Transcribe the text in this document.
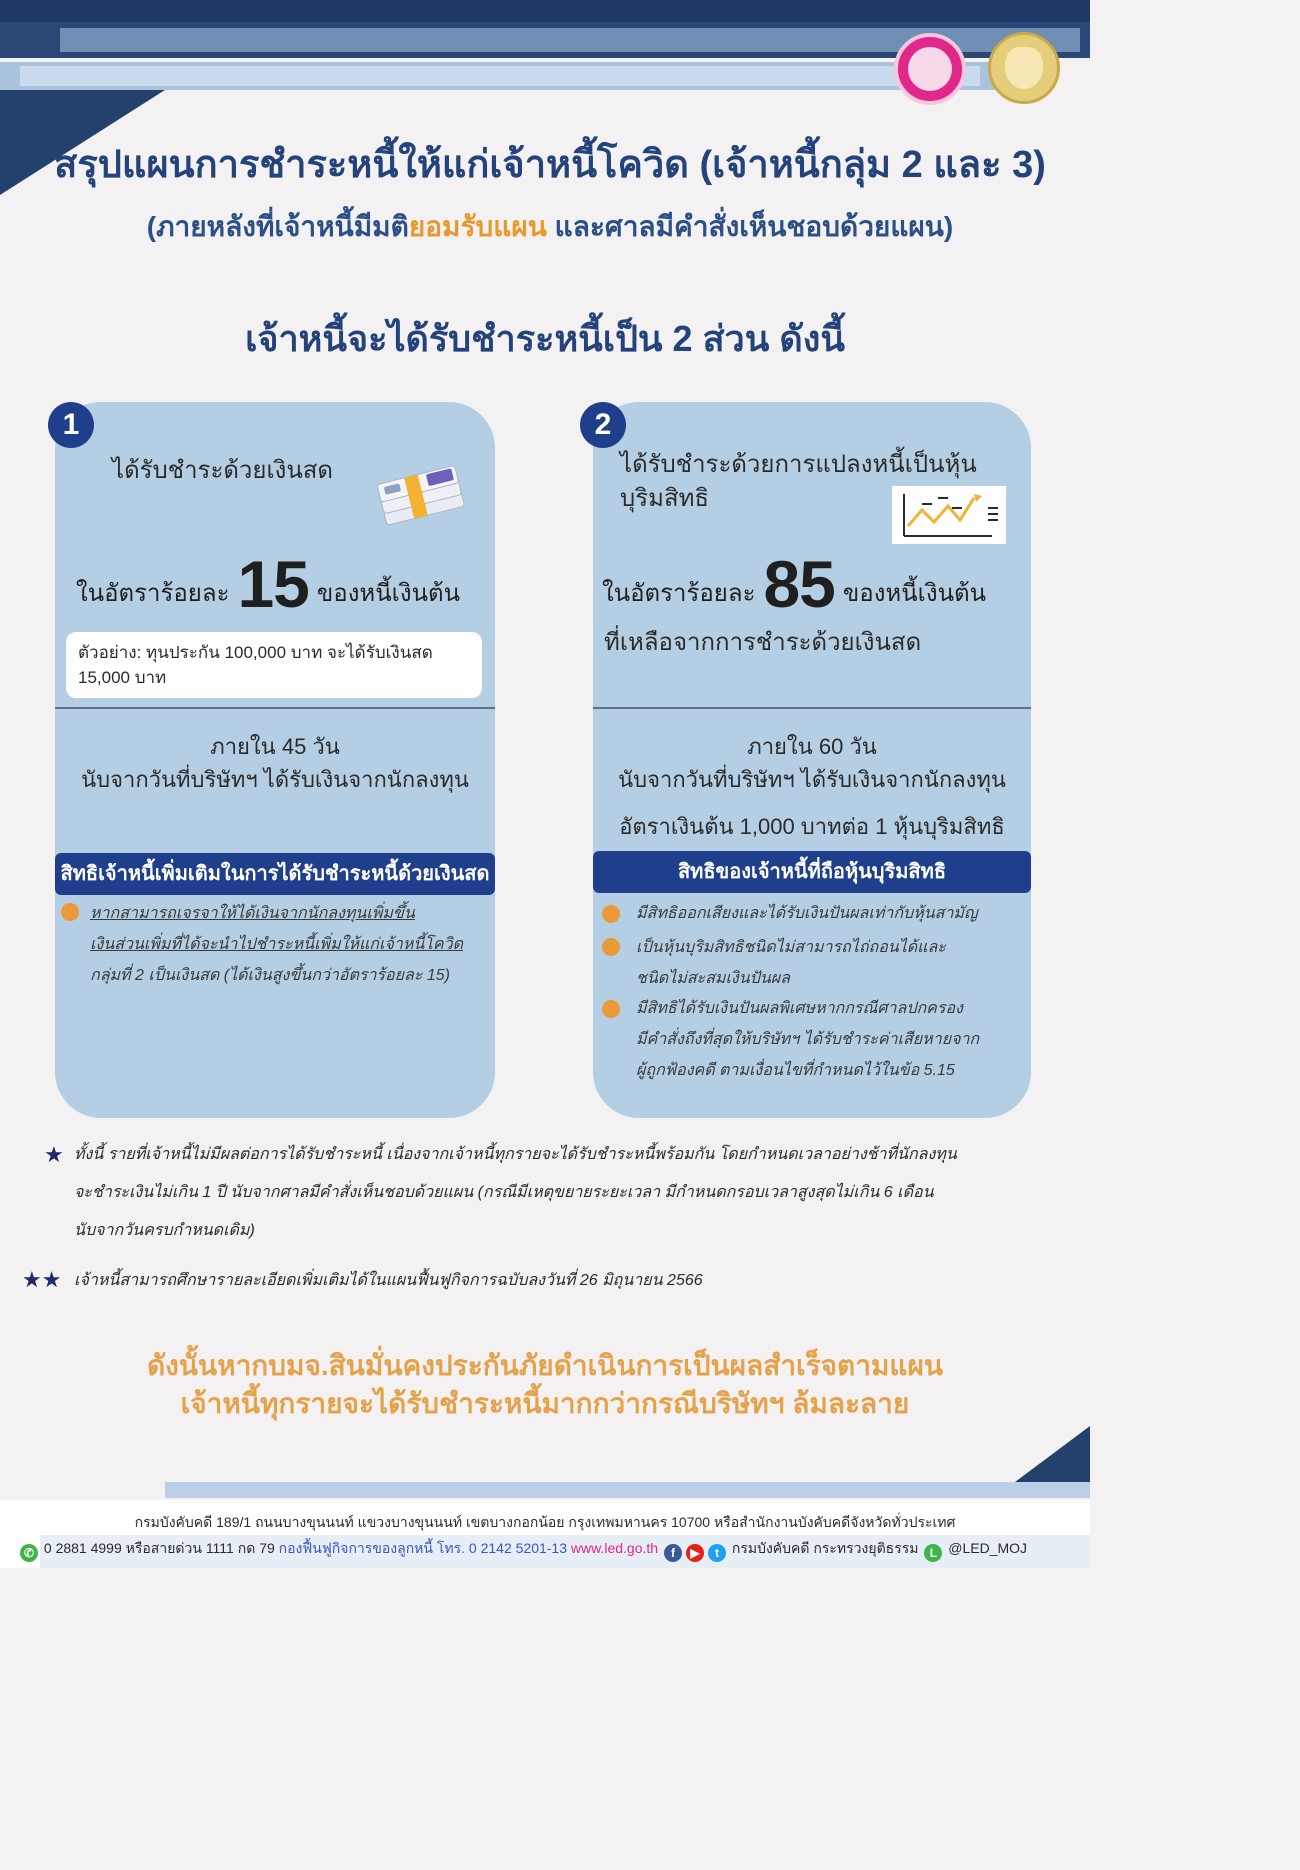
สรุปแผนการชำระหนี้ให้แก่เจ้าหนี้โควิด (เจ้าหนี้กลุ่ม 2 และ 3)
(ภายหลังที่เจ้าหนี้มีมติยอมรับแผน และศาลมีคำสั่งเห็นชอบด้วยแผน)
เจ้าหนี้จะได้รับชำระหนี้เป็น 2 ส่วน ดังนี้
1
ได้รับชำระด้วยเงินสด
ในอัตราร้อยละ 15 ของหนี้เงินต้น
ตัวอย่าง: ทุนประกัน 100,000 บาท จะได้รับเงินสด 15,000 บาท
ภายใน 45 วัน
นับจากวันที่บริษัทฯ ได้รับเงินจากนักลงทุน
สิทธิเจ้าหนี้เพิ่มเติมในการได้รับชำระหนี้ด้วยเงินสด
หากสามารถเจรจาให้ได้เงินจากนักลงทุนเพิ่มขึ้น
เงินส่วนเพิ่มที่ได้จะนำไปชำระหนี้เพิ่มให้แก่เจ้าหนี้โควิด
กลุ่มที่ 2 เป็นเงินสด (ได้เงินสูงขึ้นกว่าอัตราร้อยละ 15)
2
ได้รับชำระด้วยการแปลงหนี้เป็นหุ้นบุริมสิทธิ
ในอัตราร้อยละ 85 ของหนี้เงินต้น
ที่เหลือจากการชำระด้วยเงินสด
ภายใน 60 วัน
นับจากวันที่บริษัทฯ ได้รับเงินจากนักลงทุน
อัตราเงินต้น 1,000 บาทต่อ 1 หุ้นบุริมสิทธิ
สิทธิของเจ้าหนี้ที่ถือหุ้นบุริมสิทธิ
มีสิทธิออกเสียงและได้รับเงินปันผลเท่ากับหุ้นสามัญ
เป็นหุ้นบุริมสิทธิชนิดไม่สามารถไถ่ถอนได้และ
ชนิดไม่สะสมเงินปันผล
มีสิทธิได้รับเงินปันผลพิเศษหากกรณีศาลปกครอง
มีคำสั่งถึงที่สุดให้บริษัทฯ ได้รับชำระค่าเสียหายจาก
ผู้ถูกฟ้องคดี ตามเงื่อนไขที่กำหนดไว้ในข้อ 5.15
★ ทั้งนี้ รายที่เจ้าหนี้ไม่มีผลต่อการได้รับชำระหนี้ เนื่องจากเจ้าหนี้ทุกรายจะได้รับชำระหนี้พร้อมกัน โดยกำหนดเวลาอย่างช้าที่นักลงทุน
จะชำระเงินไม่เกิน 1 ปี นับจากศาลมีคำสั่งเห็นชอบด้วยแผน (กรณีมีเหตุขยายระยะเวลา มีกำหนดกรอบเวลาสูงสุดไม่เกิน 6 เดือน
นับจากวันครบกำหนดเดิม)
★★ เจ้าหนี้สามารถศึกษารายละเอียดเพิ่มเติมได้ในแผนฟื้นฟูกิจการฉบับลงวันที่ 26 มิถุนายน 2566
ดังนั้นหากบมจ.สินมั่นคงประกันภัยดำเนินการเป็นผลสำเร็จตามแผน
เจ้าหนี้ทุกรายจะได้รับชำระหนี้มากกว่ากรณีบริษัทฯ ล้มละลาย
กรมบังคับคดี 189/1 ถนนบางขุนนนท์ แขวงบางขุนนนท์ เขตบางกอกน้อย กรุงเทพมหานคร 10700 หรือสำนักงานบังคับคดีจังหวัดทั่วประเทศ
✆ 0 2881 4999 หรือสายด่วน 1111 กด 79 กองฟื้นฟูกิจการของลูกหนี้ โทร. 0 2142 5201-13 www.led.go.th f ▶ t กรมบังคับคดี กระทรวงยุติธรรม L @LED_MOJ
